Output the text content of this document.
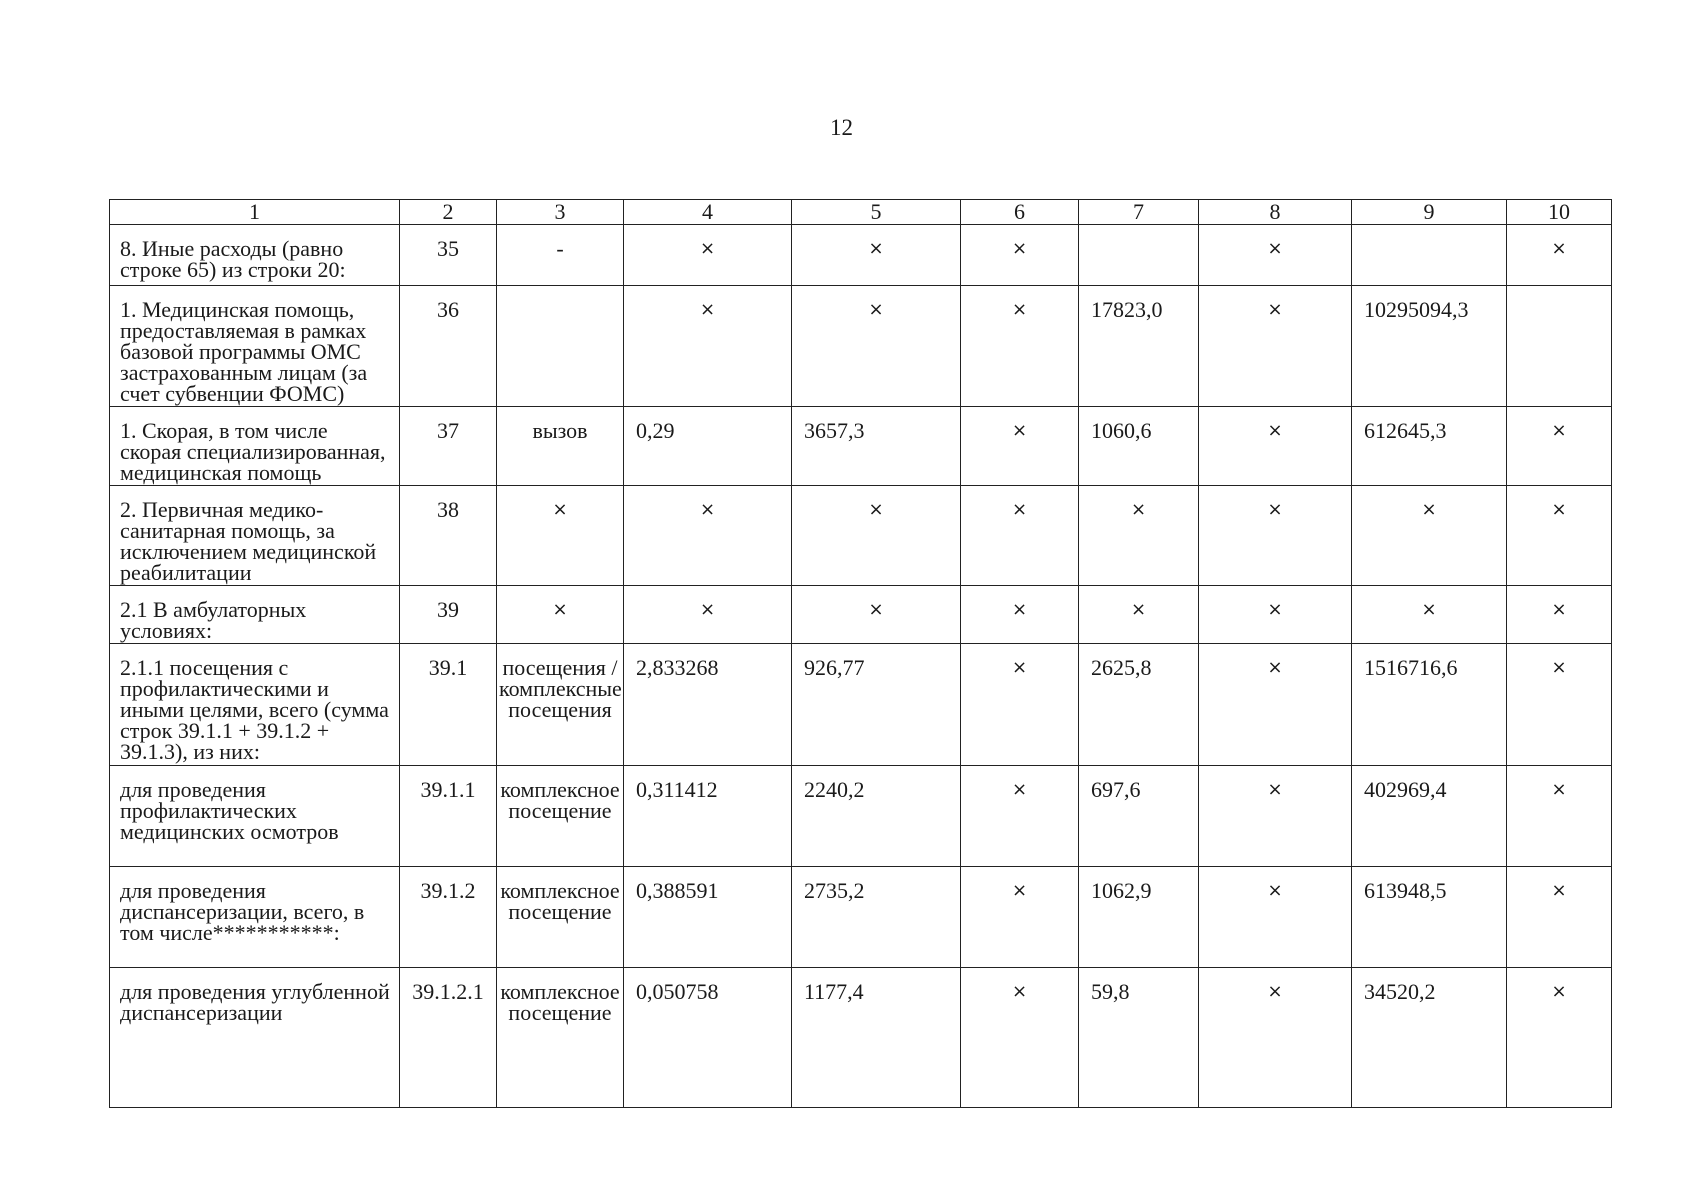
12
1	2	3	4	5	6	7	8	9	10
8. Иные расходы (равно строке 65) из строки 20:	35	-	×	×	×		×		×
1. Медицинская помощь, предоставляемая в рамках базовой программы ОМС застрахованным лицам (за счет субвенции ФОМС)	36		×	×	×	17823,0	×	10295094,3	
1. Скорая, в том числе скорая специализированная, медицинская помощь	37	вызов	0,29	3657,3	×	1060,6	×	612645,3	×
2. Первичная медико-санитарная помощь, за исключением медицинской реабилитации	38	×	×	×	×	×	×	×	×
2.1 В амбулаторных условиях:	39	×	×	×	×	×	×	×	×
2.1.1 посещения с профилактическими и иными целями, всего (сумма строк 39.1.1 + 39.1.2 + 39.1.3), из них:	39.1	посещения / комплексные посещения	2,833268	926,77	×	2625,8	×	1516716,6	×
для проведения профилактических медицинских осмотров	39.1.1	комплексное посещение	0,311412	2240,2	×	697,6	×	402969,4	×
для проведения диспансеризации, всего, в том числе***********:	39.1.2	комплексное посещение	0,388591	2735,2	×	1062,9	×	613948,5	×
для проведения углубленной диспансеризации	39.1.2.1	комплексное посещение	0,050758	1177,4	×	59,8	×	34520,2	×
